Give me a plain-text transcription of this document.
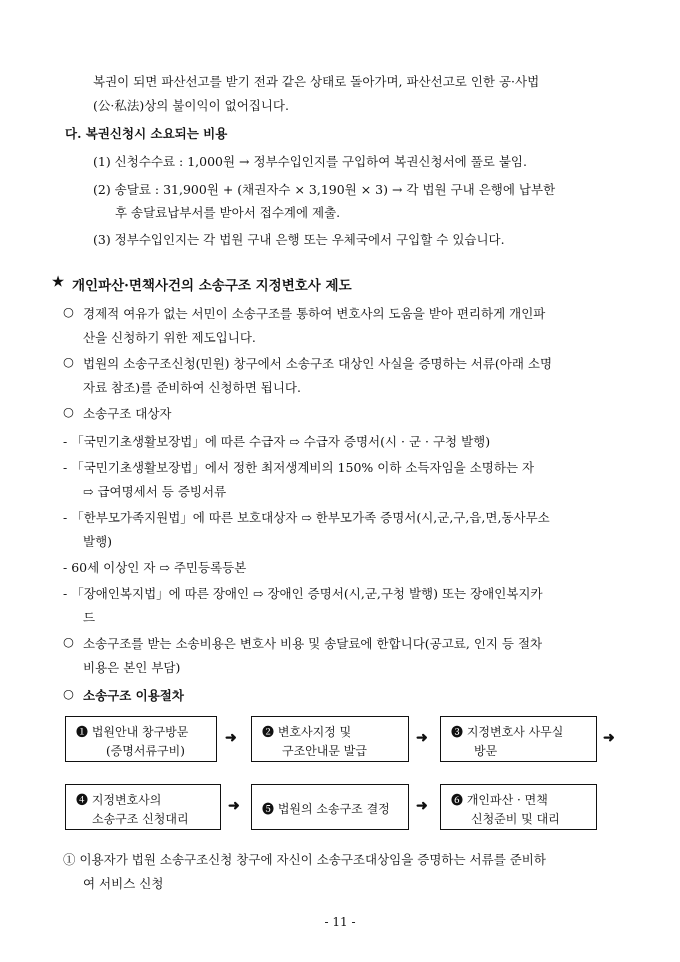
복권이 되면 파산선고를 받기 전과 같은 상태로 돌아가며, 파산선고로 인한 공·사법
(公·私法)상의 불이익이 없어집니다.
다. 복권신청시 소요되는 비용
(1) 신청수수료 : 1,000원 → 정부수입인지를 구입하여 복권신청서에 풀로 붙임.
(2) 송달료 : 31,900원 + (채권자수 × 3,190원 × 3) → 각 법원 구내 은행에 납부한
후 송달료납부서를 받아서 접수계에 제출.
(3) 정부수입인지는 각 법원 구내 은행 또는 우체국에서 구입할 수 있습니다.
★ 개인파산·면책사건의 소송구조 지정변호사 제도
○ 경제적 여유가 없는 서민이 소송구조를 통하여 변호사의 도움을 받아 편리하게 개인파
산을 신청하기 위한 제도입니다.
○ 법원의 소송구조신청(민원) 창구에서 소송구조 대상인 사실을 증명하는 서류(아래 소명
자료 참조)를 준비하여 신청하면 됩니다.
○ 소송구조 대상자
- 「국민기초생활보장법」에 따른 수급자 ⇨ 수급자 증명서(시 · 군 · 구청 발행)
- 「국민기초생활보장법」에서 정한 최저생계비의 150% 이하 소득자임을 소명하는 자
⇨ 급여명세서 등 증빙서류
- 「한부모가족지원법」에 따른 보호대상자 ⇨ 한부모가족 증명서(시,군,구,읍,면,동사무소
발행)
- 60세 이상인 자 ⇨ 주민등록등본
- 「장애인복지법」에 따른 장애인 ⇨ 장애인 증명서(시,군,구청 발행) 또는 장애인복지카
드
○ 소송구조를 받는 소송비용은 변호사 비용 및 송달료에 한합니다(공고료, 인지 등 절차
비용은 본인 부담)
○ 소송구조 이용절차
❶ 법원안내 창구방문
(증명서류구비)
➜ ❷ 변호사지정 및
구조안내문 발급
➜ ❸ 지정변호사 사무실
방문
➜
❹ 지정변호사의
소송구조 신청대리
➜ ❺ 법원의 소송구조 결정 ➜ ❻ 개인파산 · 면책
신청준비 및 대리
① 이용자가 법원 소송구조신청 창구에 자신이 소송구조대상임을 증명하는 서류를 준비하
여 서비스 신청
- 11 -
